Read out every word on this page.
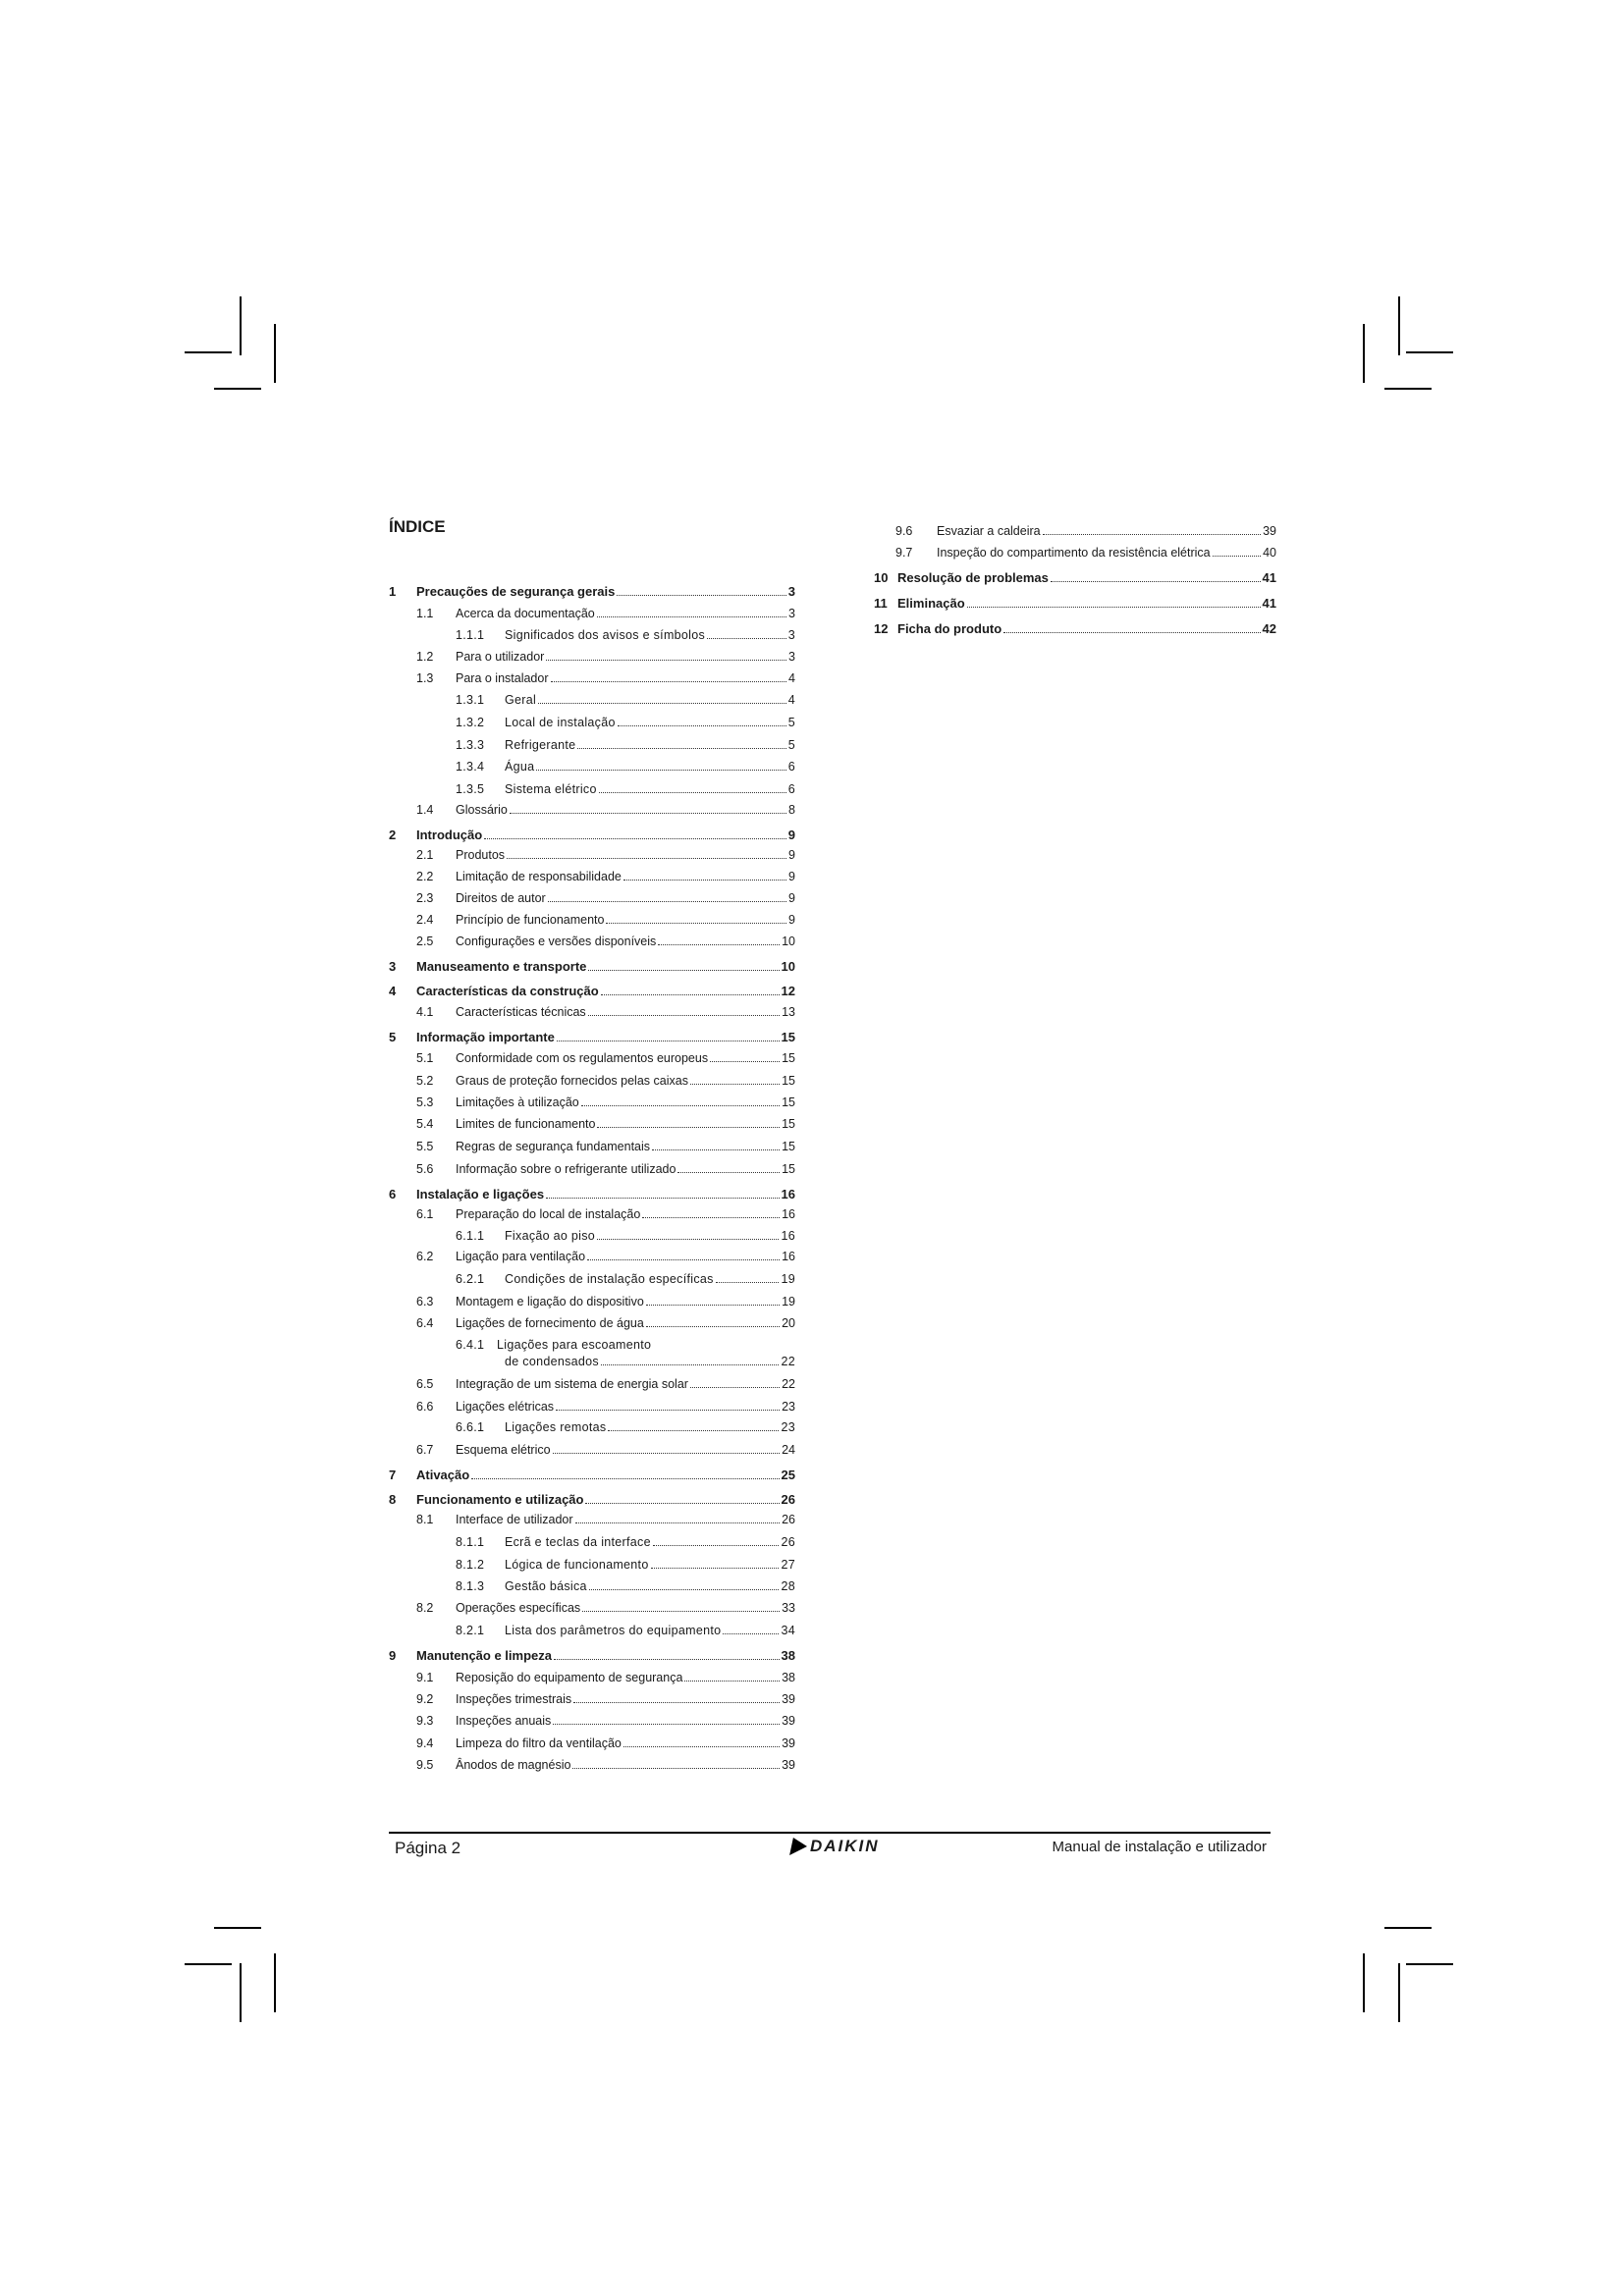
ÍNDICE
1 Precauções de segurança gerais	3
1.1 Acerca da documentação	3
1.1.1 Significados dos avisos e símbolos	3
1.2 Para o utilizador	3
1.3 Para o instalador	4
1.3.1 Geral	4
1.3.2 Local de instalação	5
1.3.3 Refrigerante	5
1.3.4 Água	6
1.3.5 Sistema elétrico	6
1.4 Glossário	8
2 Introdução	9
2.1 Produtos	9
2.2 Limitação de responsabilidade	9
2.3 Direitos de autor	9
2.4 Princípio de funcionamento	9
2.5 Configurações e versões disponíveis	10
3 Manuseamento e transporte	10
4 Características da construção	12
4.1 Características técnicas	13
5 Informação importante	15
5.1 Conformidade com os regulamentos europeus	15
5.2 Graus de proteção fornecidos pelas caixas	15
5.3 Limitações à utilização	15
5.4 Limites de funcionamento	15
5.5 Regras de segurança fundamentais	15
5.6 Informação sobre o refrigerante utilizado	15
6 Instalação e ligações	16
6.1 Preparação do local de instalação	16
6.1.1 Fixação ao piso	16
6.2 Ligação para ventilação	16
6.2.1 Condições de instalação específicas	19
6.3 Montagem e ligação do dispositivo	19
6.4 Ligações de fornecimento de água	20
6.4.1 Ligações para escoamento
de condensados	22
6.5 Integração de um sistema de energia solar	22
6.6 Ligações elétricas	23
6.6.1 Ligações remotas	23
6.7 Esquema elétrico	24
7 Ativação	25
8 Funcionamento e utilização	26
8.1 Interface de utilizador	26
8.1.1 Ecrã e teclas da interface	26
8.1.2 Lógica de funcionamento	27
8.1.3 Gestão básica	28
8.2 Operações específicas	33
8.2.1 Lista dos parâmetros do equipamento	34
9 Manutenção e limpeza	38
9.1 Reposição do equipamento de segurança	38
9.2 Inspeções trimestrais	39
9.3 Inspeções anuais	39
9.4 Limpeza do filtro da ventilação	39
9.5 Ânodos de magnésio	39
9.6 Esvaziar a caldeira	39
9.7 Inspeção do compartimento da resistência elétrica	40
10 Resolução de problemas	41
11 Eliminação	41
12 Ficha do produto	42
Página 2	DAIKIN	Manual de instalação e utilizador
